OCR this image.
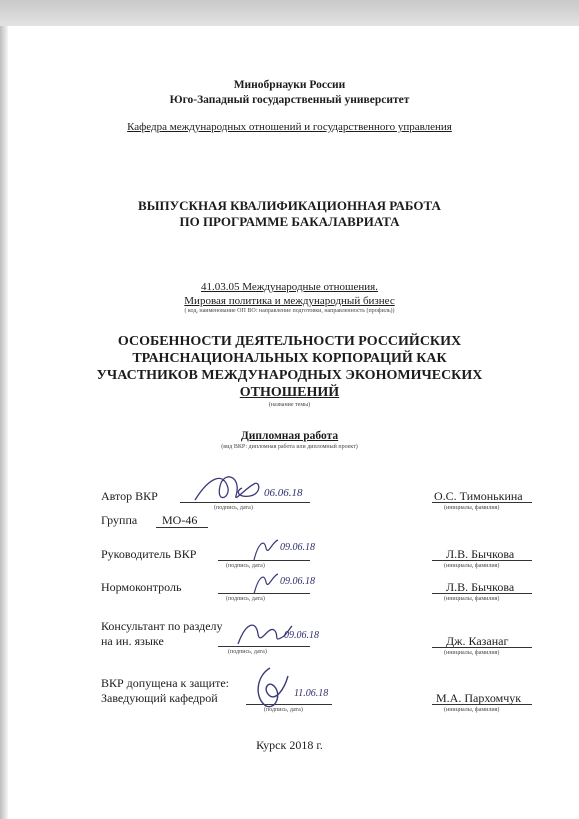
Минобрнауки России
Юго-Западный государственный университет
Кафедра международных отношений и государственного управления
ВЫПУСКНАЯ КВАЛИФИКАЦИОННАЯ РАБОТА
ПО ПРОГРАММЕ БАКАЛАВРИАТА
41.03.05 Международные отношения.
Мировая политика и международный бизнес
( код, наименование ОП ВО: направление подготовки, направленность (профиль))
ОСОБЕННОСТИ ДЕЯТЕЛЬНОСТИ РОССИЙСКИХ
ТРАНСНАЦИОНАЛЬНЫХ КОРПОРАЦИЙ КАК
УЧАСТНИКОВ МЕЖДУНАРОДНЫХ ЭКОНОМИЧЕСКИХ
ОТНОШЕНИЙ
(название темы)
Дипломная работа
(вид ВКР: дипломная работа или дипломный проект)
Автор ВКР	06.06.18
(подпись, дата)
О.С. Тимонькина
(инициалы, фамилия)
Группа МО-46
Руководитель ВКР	09.06.18
(подпись, дата)
Л.В. Бычкова
(инициалы, фамилия)
Нормоконтроль	09.06.18
(подпись, дата)
Л.В. Бычкова
(инициалы, фамилия)
Консультант по разделу
на ин. языке	09.06.18
(подпись, дата)
Дж. Казанаг
(инициалы, фамилия)
ВКР допущена к защите:
Заведующий кафедрой	11.06.18
(подпись, дата)
М.А. Пархомчук
(инициалы, фамилия)
Курск 2018 г.
